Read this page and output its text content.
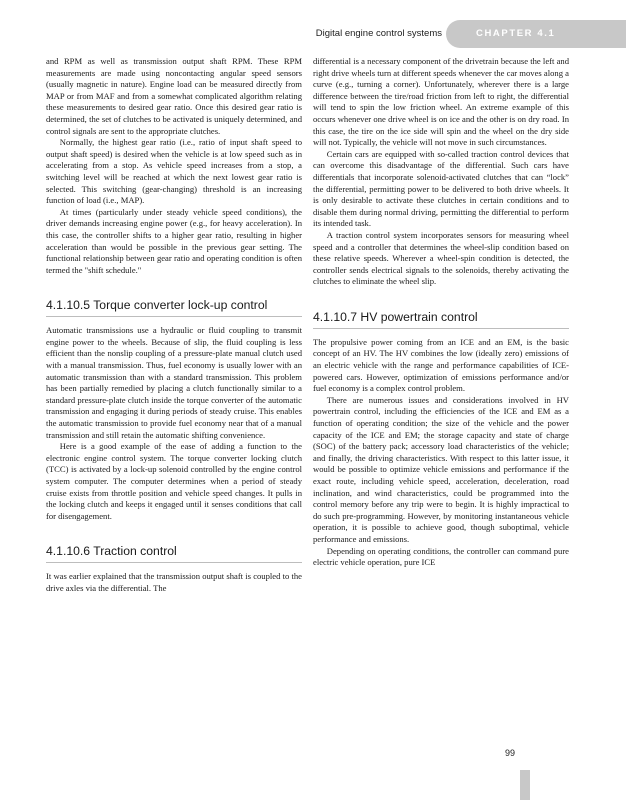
Digital engine control systems	CHAPTER 4.1

and RPM as well as transmission output shaft RPM. These RPM measurements are made using noncontacting angular speed sensors (usually magnetic in nature). Engine load can be measured directly from MAP or from MAF and from a somewhat complicated algorithm relating these measurements to desired gear ratio. Once this desired gear ratio is determined, the set of clutches to be activated is uniquely determined, and control signals are sent to the appropriate clutches.

Normally, the highest gear ratio (i.e., ratio of input shaft speed to output shaft speed) is desired when the vehicle is at low speed such as in accelerating from a stop. As vehicle speed increases from a stop, a switching level will be reached at which the next lowest gear ratio is selected. This switching (gear-changing) threshold is an increasing function of load (i.e., MAP).

At times (particularly under steady vehicle speed conditions), the driver demands increasing engine power (e.g., for heavy acceleration). In this case, the controller shifts to a higher gear ratio, resulting in higher acceleration than would be possible in the previous gear setting. The functional relationship between gear ratio and operating condition is often termed the "shift schedule."

4.1.10.5 Torque converter lock-up control

Automatic transmissions use a hydraulic or fluid coupling to transmit engine power to the wheels. Because of slip, the fluid coupling is less efficient than the nonslip coupling of a pressure-plate manual clutch used with a manual transmission. Thus, fuel economy is usually lower with an automatic transmission than with a standard transmission. This problem has been partially remedied by placing a clutch functionally similar to a standard pressure-plate clutch inside the torque converter of the automatic transmission and engaging it during periods of steady cruise. This enables the automatic transmission to provide fuel economy near that of a manual transmission and still retain the automatic shifting convenience.

Here is a good example of the ease of adding a function to the electronic engine control system. The torque converter locking clutch (TCC) is activated by a lock-up solenoid controlled by the engine control system computer. The computer determines when a period of steady cruise exists from throttle position and vehicle speed changes. It pulls in the locking clutch and keeps it engaged until it senses conditions that call for disengagement.

4.1.10.6 Traction control

It was earlier explained that the transmission output shaft is coupled to the drive axles via the differential. The

differential is a necessary component of the drivetrain because the left and right drive wheels turn at different speeds whenever the car moves along a curve (e.g., turning a corner). Unfortunately, wherever there is a large difference between the tire/road friction from left to right, the differential will tend to spin the low friction wheel. An extreme example of this occurs whenever one drive wheel is on ice and the other is on dry road. In this case, the tire on the ice side will spin and the wheel on the dry side will not. Typically, the vehicle will not move in such circumstances.

Certain cars are equipped with so-called traction control devices that can overcome this disadvantage of the differential. Such cars have differentials that incorporate solenoid-activated clutches that can “lock” the differential, permitting power to be delivered to both drive wheels. It is only desirable to activate these clutches in certain conditions and to disable them during normal driving, permitting the differential to perform its intended task.

A traction control system incorporates sensors for measuring wheel speed and a controller that determines the wheel-slip condition based on these relative speeds. Wherever a wheel-spin condition is detected, the controller sends electrical signals to the solenoids, thereby activating the clutches to eliminate the wheel slip.

4.1.10.7 HV powertrain control

The propulsive power coming from an ICE and an EM, is the basic concept of an HV. The HV combines the low (ideally zero) emissions of an electric vehicle with the range and performance capabilities of ICE-powered cars. However, optimization of emissions performance and/or fuel economy is a complex control problem.

There are numerous issues and considerations involved in HV powertrain control, including the efficiencies of the ICE and EM as a function of operating condition; the size of the vehicle and the power capacity of the ICE and EM; the storage capacity and state of charge (SOC) of the battery pack; accessory load characteristics of the vehicle; and finally, the driving characteristics. With respect to this latter issue, it would be possible to optimize vehicle emissions and performance if the exact route, including vehicle speed, acceleration, deceleration, road inclination, and wind characteristics, could be programmed into the control memory before any trip were to begin. It is highly impractical to do such pre-programming. However, by monitoring instantaneous vehicle operation, it is possible to achieve good, though suboptimal, vehicle performance and emissions.

Depending on operating conditions, the controller can command pure electric vehicle operation, pure ICE

99
